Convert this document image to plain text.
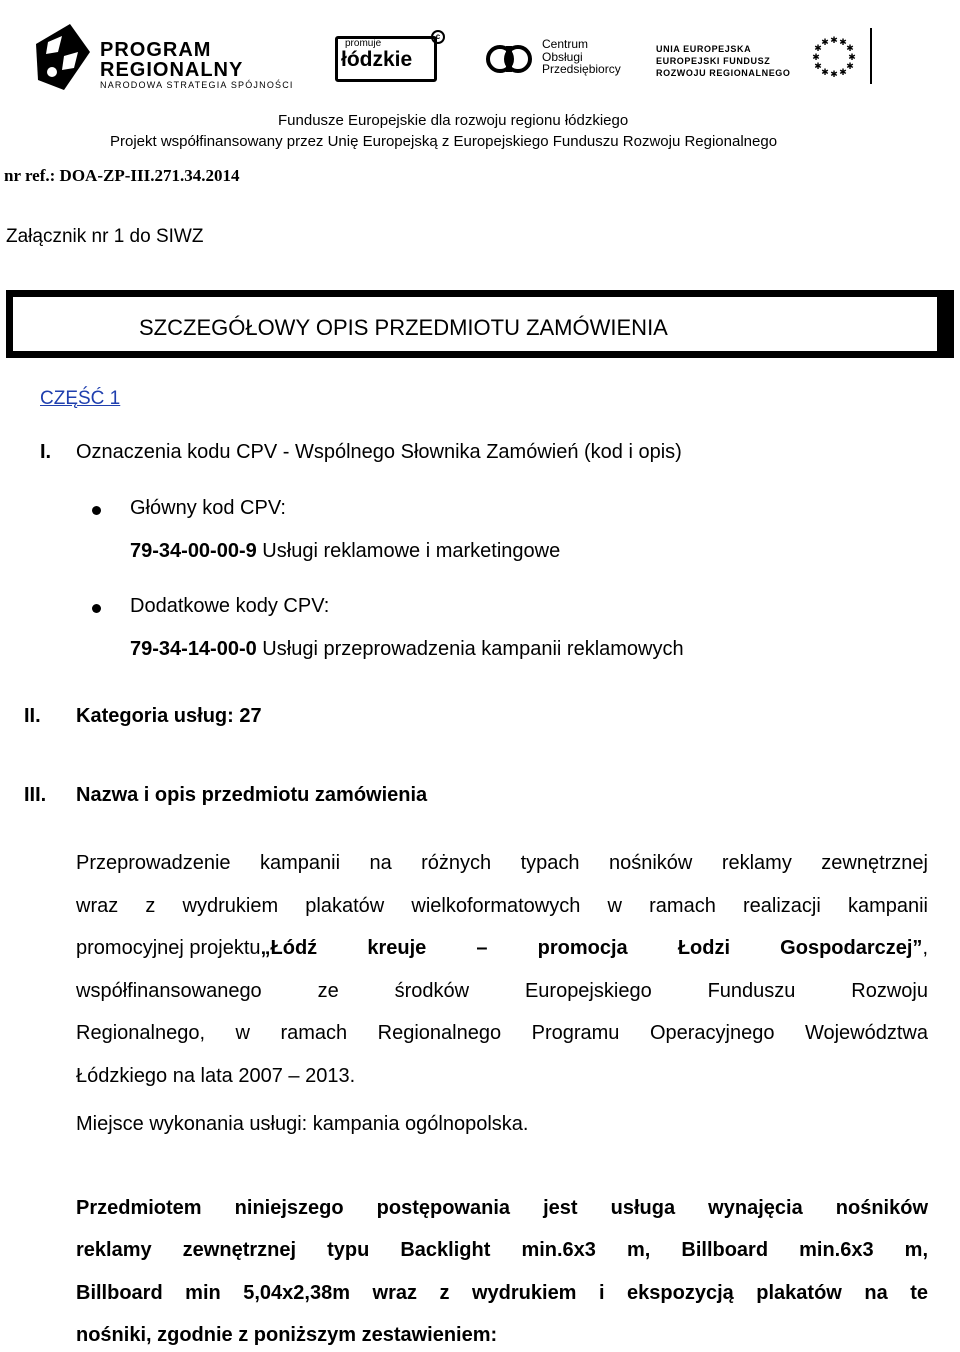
PROGRAM
REGIONALNY
NARODOWA STRATEGIA SPÓJNOŚCI
promuje
łódzkie
c
Centrum
Obsługi
Przedsiębiorcy
UNIA EUROPEJSKA
EUROPEJSKI FUNDUSZ
ROZWOJU REGIONALNEGO
✱ ✱
✱
✱
✱
✱
✱
✱
✱
✱
✱
✱
Fundusze Europejskie dla rozwoju regionu łódzkiego
Projekt współfinansowany przez Unię Europejską z Europejskiego Funduszu Rozwoju Regionalnego
nr ref.: DOA-ZP-III.271.34.2014
Załącznik nr 1 do SIWZ
SZCZEGÓŁOWY OPIS PRZEDMIOTU ZAMÓWIENIA
CZĘŚĆ 1
I. Oznaczenia kodu CPV - Wspólnego Słownika Zamówień (kod i opis)
Główny kod CPV:
79-34-00-00-9 Usługi reklamowe i marketingowe
Dodatkowe kody CPV:
79-34-14-00-0 Usługi przeprowadzenia kampanii reklamowych
II. Kategoria usług: 27
III. Nazwa i opis przedmiotu zamówienia
Przeprowadzenie kampanii na różnych typach nośników reklamy zewnętrznej
wraz z wydrukiem plakatów wielkoformatowych w ramach realizacji kampanii
promocyjnej projektu „Łódź kreuje – promocja Łodzi Gospodarczej” ,
współfinansowanego ze środków Europejskiego Funduszu Rozwoju
Regionalnego, w ramach Regionalnego Programu Operacyjnego Województwa
Łódzkiego na lata 2007 – 2013.
Miejsce wykonania usługi: kampania ogólnopolska.
Przedmiotem niniejszego postępowania jest usługa wynajęcia nośników
reklamy zewnętrznej typu Backlight min.6x3 m, Billboard min.6x3 m,
Billboard min 5,04x2,38m wraz z wydrukiem i ekspozycją plakatów na te
nośniki, zgodnie z poniższym zestawieniem:
